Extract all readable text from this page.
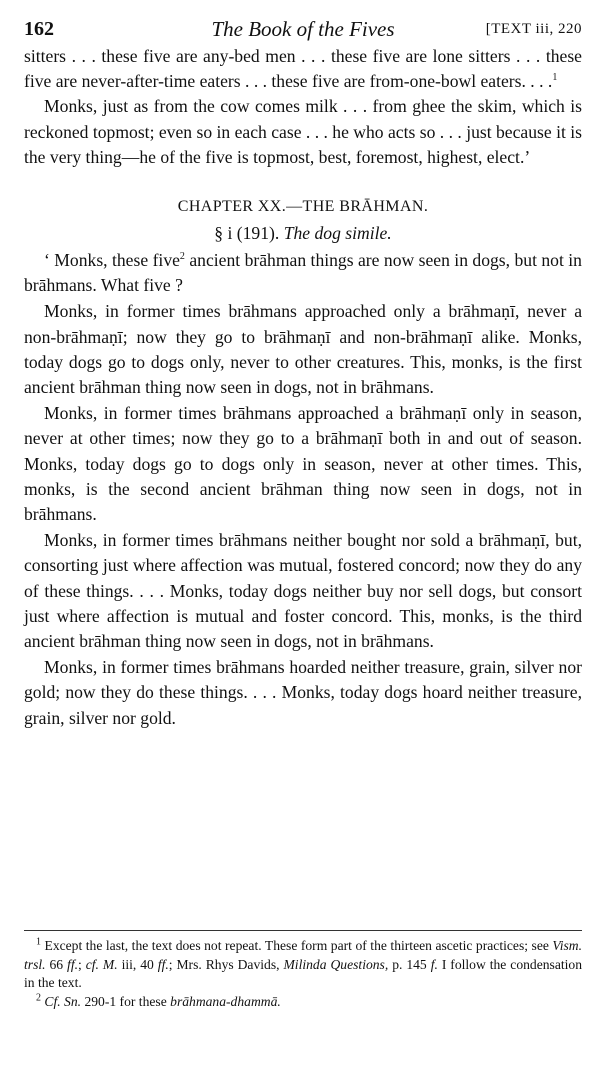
162	The Book of the Fives	[TEXT iii, 220

sitters . . . these five are any-bed men . . . these five are lone sitters . . . these five are never-after-time eaters . . . these five are from-one-bowl eaters. . . .$^1$

Monks, just as from the cow comes milk . . . from ghee the skim, which is reckoned topmost; even so in each case . . . he who acts so . . . just because it is the very thing—he of the five is topmost, best, foremost, highest, elect.’

CHAPTER XX.—THE BRĀHMAN.
§ i (191). The dog simile.

‘ Monks, these five$^2$ ancient brāhman things are now seen in dogs, but not in brāhmans. What five ?

Monks, in former times brāhmans approached only a brāhmaṇī, never a non-brāhmaṇī; now they go to brāhmaṇī and non-brāhmaṇī alike. Monks, today dogs go to dogs only, never to other creatures. This, monks, is the first ancient brāhman thing now seen in dogs, not in brāhmans.

Monks, in former times brāhmans approached a brāhmaṇī only in season, never at other times; now they go to a brāhmaṇī both in and out of season. Monks, today dogs go to dogs only in season, never at other times. This, monks, is the second ancient brāhman thing now seen in dogs, not in brāhmans.

Monks, in former times brāhmans neither bought nor sold a brāhmaṇī, but, consorting just where affection was mutual, fostered concord; now they do any of these things. . . . Monks, today dogs neither buy nor sell dogs, but consort just where affection is mutual and foster concord. This, monks, is the third ancient brāhman thing now seen in dogs, not in brāhmans.

Monks, in former times brāhmans hoarded neither treasure, grain, silver nor gold; now they do these things. . . . Monks, today dogs hoard neither treasure, grain, silver nor gold.

$^1$ Except the last, the text does not repeat. These form part of the thirteen ascetic practices; see Vism. trsl. 66 ff.; cf. M. iii, 40 ff.; Mrs. Rhys Davids, Milinda Questions, p. 145 f. I follow the condensation in the text.

$^2$ Cf. Sn. 290-1 for these brāhmana-dhammā.
